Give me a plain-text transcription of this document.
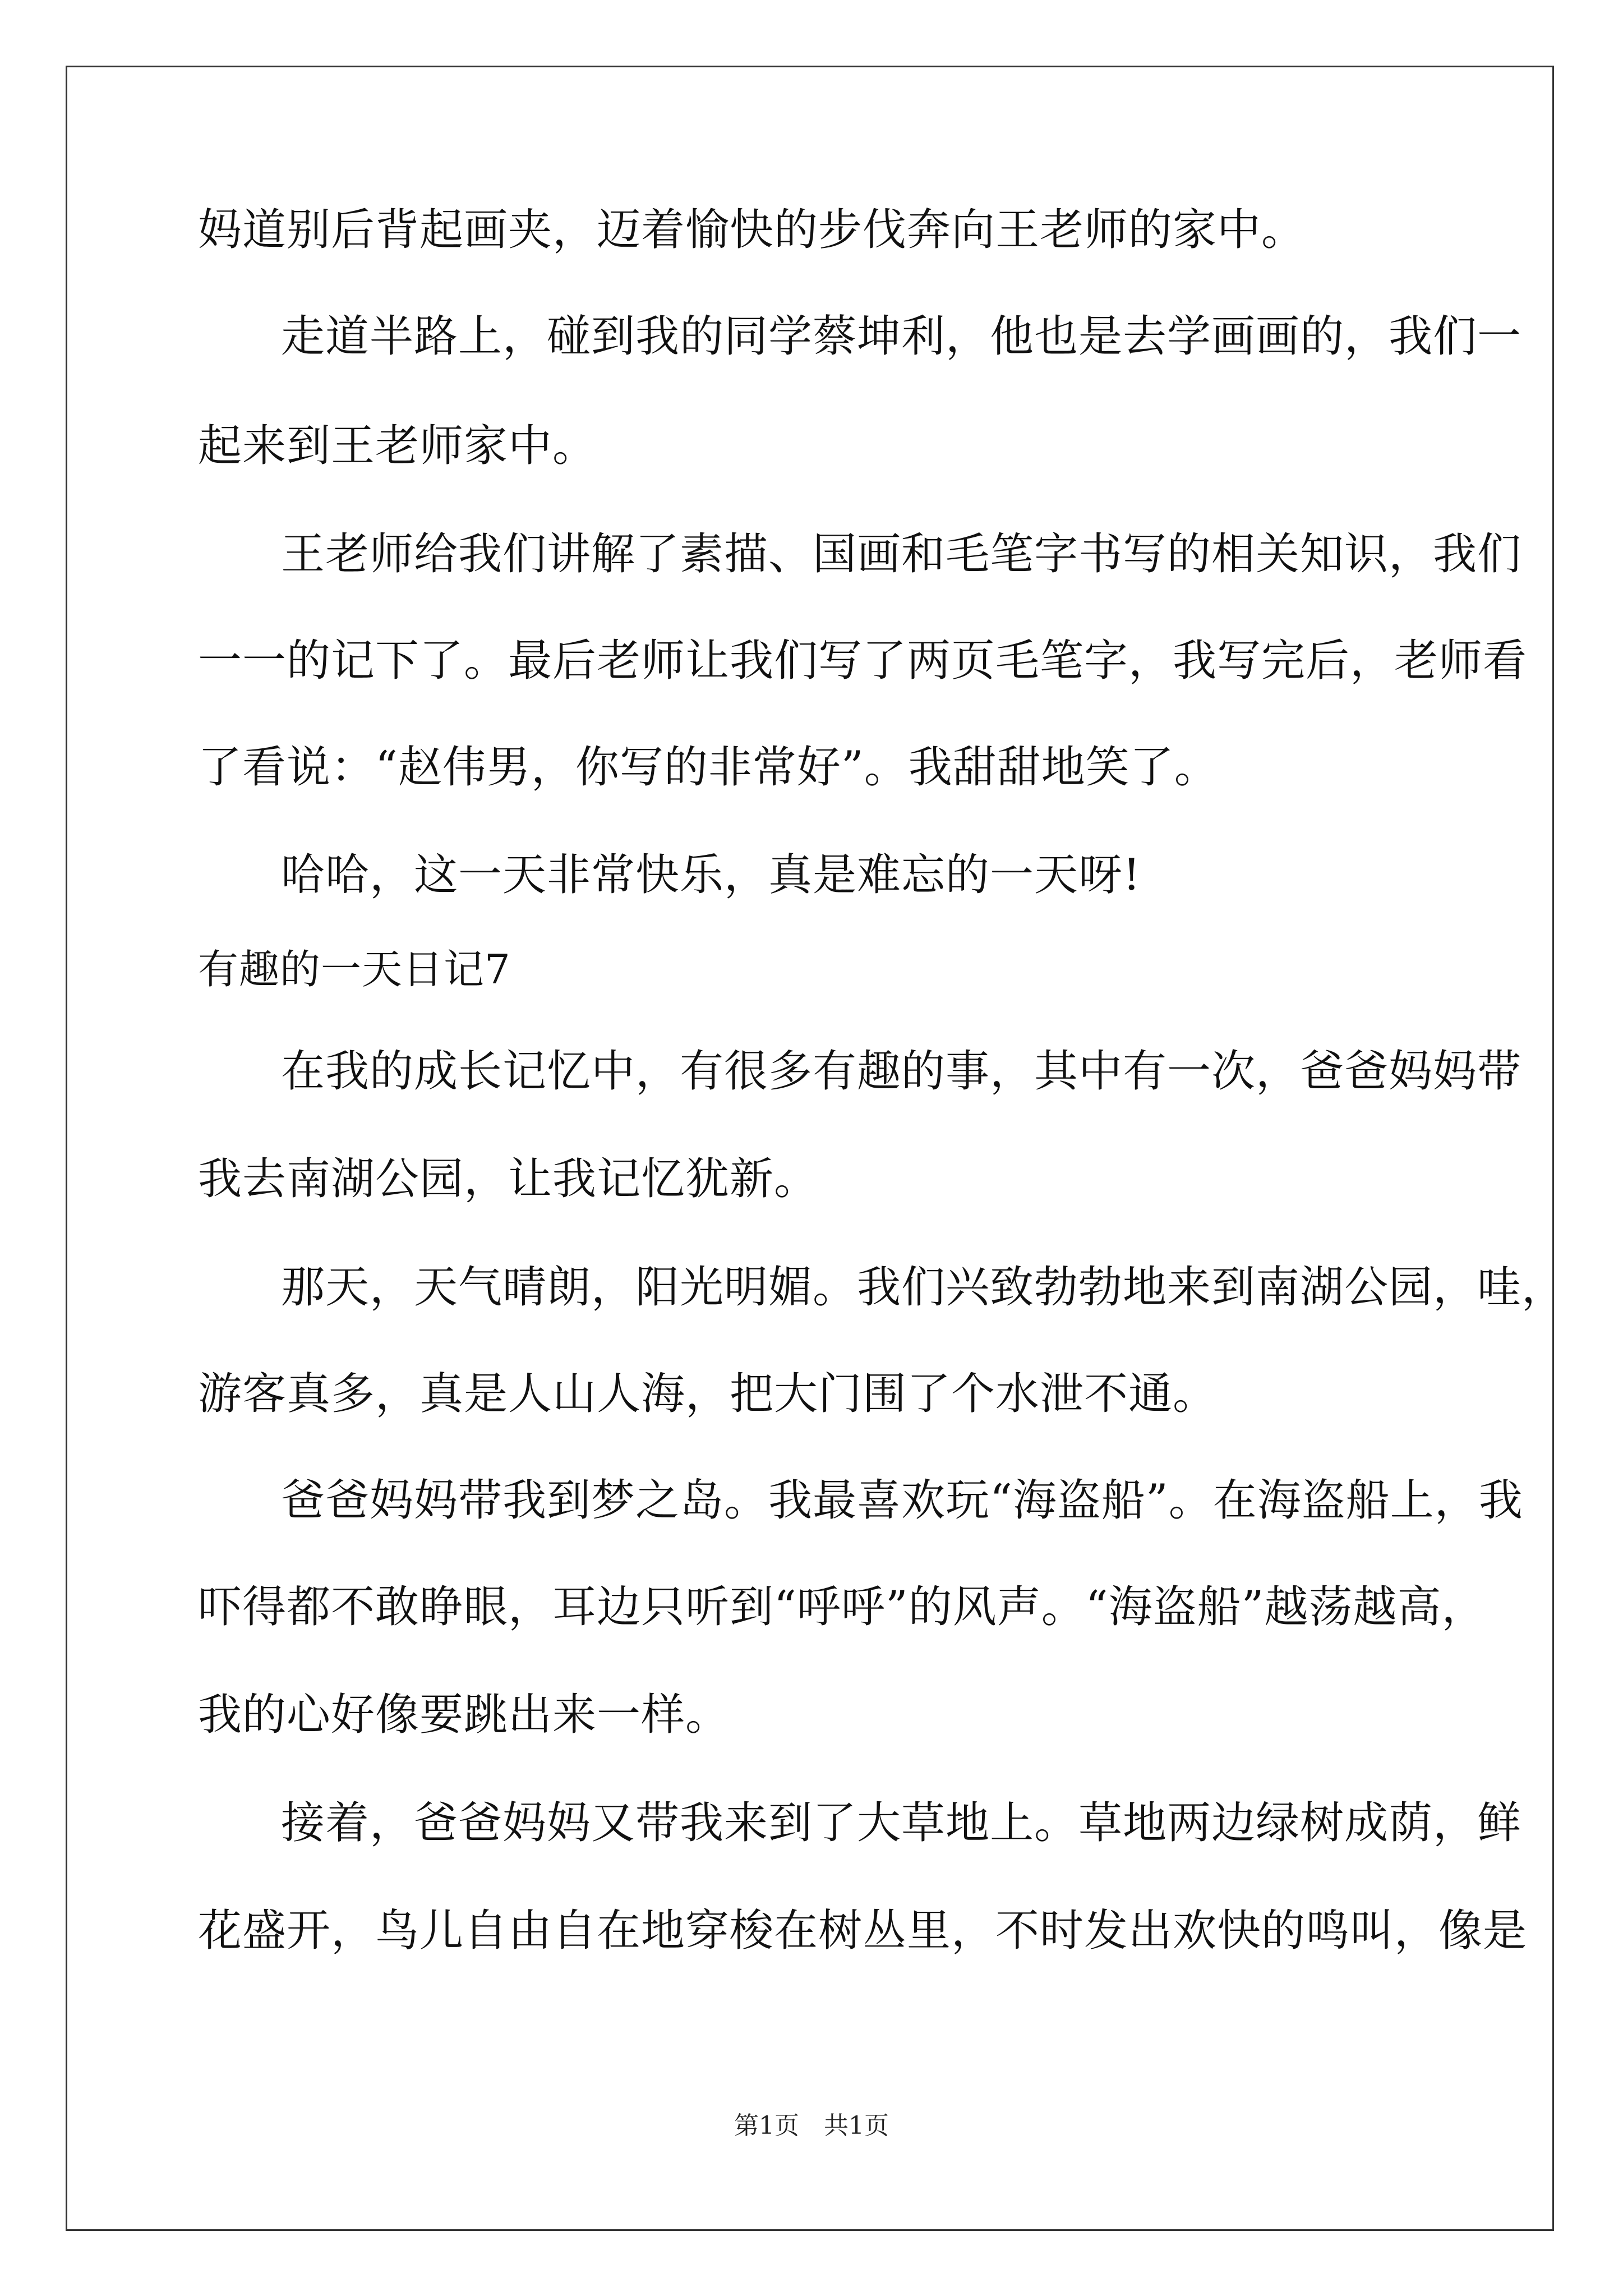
妈道别后背起画夹，迈着愉快的步伐奔向王老师的家中。
走道半路上，碰到我的同学蔡坤利，他也是去学画画的，我们一
起来到王老师家中。
王老师给我们讲解了素描、国画和毛笔字书写的相关知识，我们
一一的记下了。最后老师让我们写了两页毛笔字，我写完后，老师看
了看说：“赵伟男，你写的非常好”。我甜甜地笑了。
哈哈，这一天非常快乐，真是难忘的一天呀!
有趣的一天日记7
在我的成长记忆中，有很多有趣的事，其中有一次，爸爸妈妈带
我去南湖公园，让我记忆犹新。
那天，天气晴朗，阳光明媚。我们兴致勃勃地来到南湖公园，哇，
游客真多，真是人山人海，把大门围了个水泄不通。
爸爸妈妈带我到梦之岛。我最喜欢玩“海盗船”。在海盗船上，我
吓得都不敢睁眼，耳边只听到“呼呼”的风声。“海盗船”越荡越高，
我的心好像要跳出来一样。
接着，爸爸妈妈又带我来到了大草地上。草地两边绿树成荫，鲜
花盛开，鸟儿自由自在地穿梭在树丛里，不时发出欢快的鸣叫，像是
第1页　共1页
